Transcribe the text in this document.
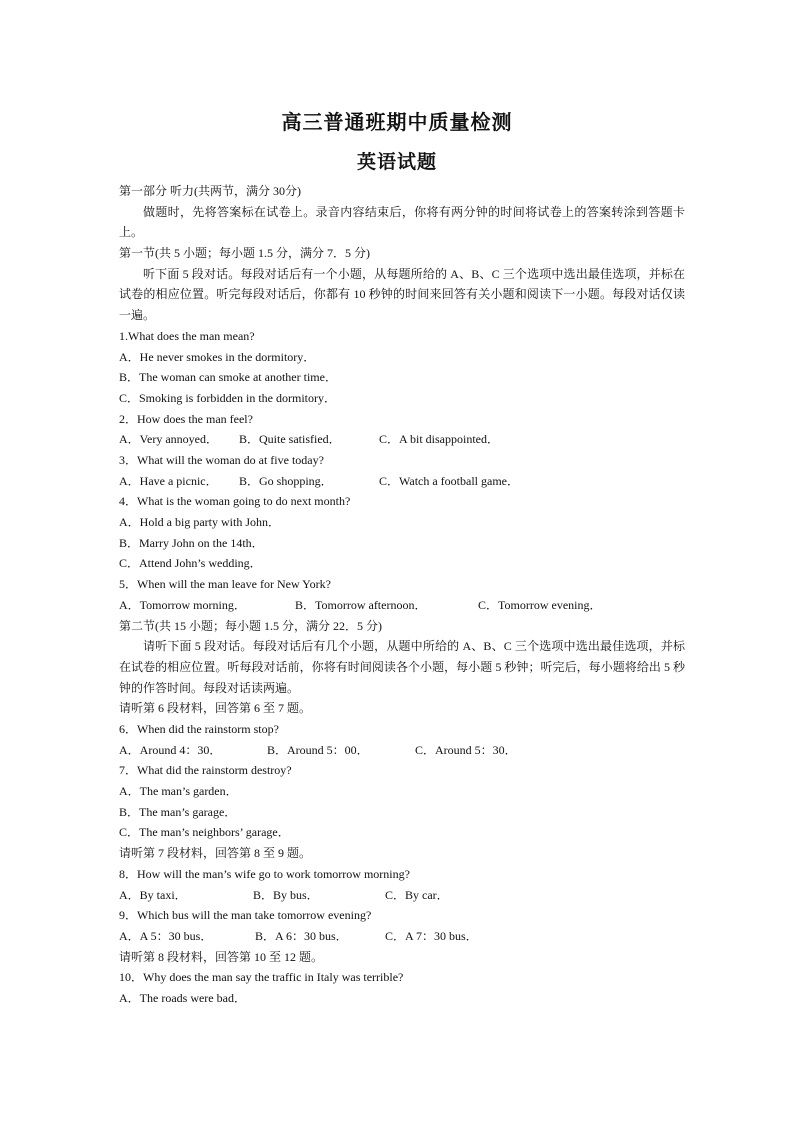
高三普通班期中质量检测
英语试题
第一部分 听力(共两节，满分 30分)
做题时，先将答案标在试卷上。录音内容结束后，你将有两分钟的时间将试卷上的答案转涂到答题卡上。
第一节(共 5 小题；每小题 1.5 分，满分 7．5 分)
听下面 5 段对话。每段对话后有一个小题，从每题所给的 A、B、C 三个选项中选出最佳选项，并标在试卷的相应位置。听完每段对话后，你都有 10 秒钟的时间来回答有关小题和阅读下一小题。每段对话仅读一遍。
1.What does the man mean?
A．He never smokes in the dormitory．
B．The woman can smoke at another time．
C．Smoking is forbidden in the dormitory．
2．How does the man feel?
A．Very annoyed． B．Quite satisfied．	C．A bit disappointed．
3．What will the woman do at five today?
A．Have a picnic． B．Go shopping．	C．Watch a football game．
4．What is the woman going to do next month?
A．Hold a big party with John．
B．Marry John on the 14th．
C．Attend John’s wedding．
5．When will the man leave for New York?
A．Tomorrow morning．	B．Tomorrow afternoon．	C．Tomorrow evening．
第二节(共 15 小题；每小题 1.5 分，满分 22．5 分)
请听下面 5 段对话。每段对话后有几个小题，从题中所给的 A、B、C 三个选项中选出最佳选项，并标在试卷的相应位置。听每段对话前，你将有时间阅读各个小题，每小题 5 秒钟；听完后，每小题将给出 5 秒钟的作答时间。每段对话读两遍。
请听第 6 段材料，回答第 6 至 7 题。
6．When did the rainstorm stop?
A．Around 4：30．	B．Around 5：00．	C．Around 5：30．
7．What did the rainstorm destroy?
A．The man’s garden．
B．The man’s garage．
C．The man’s neighbors’ garage．
请听第 7 段材料，回答第 8 至 9 题。
8．How will the man’s wife go to work tomorrow morning?
A．By taxi．	B．By bus．	C．By car．
9．Which bus will the man take tomorrow evening?
A．A 5：30 bus．	B．A 6：30 bus．	C．A 7：30 bus．
请听第 8 段材料，回答第 10 至 12 题。
10．Why does the man say the traffic in Italy was terrible?
A．The roads were bad．
